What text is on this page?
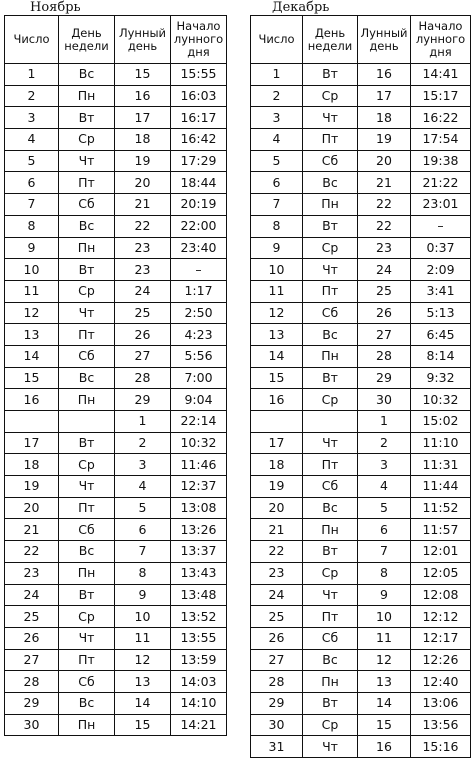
Ноябрь	Декабрь
Число	День недели	Лунный день	Начало лунного дня
1	Вс	15	15:55
2	Пн	16	16:03
3	Вт	17	16:17
4	Ср	18	16:42
5	Чт	19	17:29
6	Пт	20	18:44
7	Сб	21	20:19
8	Вс	22	22:00
9	Пн	23	23:40
10	Вт	23	–
11	Ср	24	1:17
12	Чт	25	2:50
13	Пт	26	4:23
14	Сб	27	5:56
15	Вс	28	7:00
16	Пн	29	9:04
		1	22:14
17	Вт	2	10:32
18	Ср	3	11:46
19	Чт	4	12:37
20	Пт	5	13:08
21	Сб	6	13:26
22	Вс	7	13:37
23	Пн	8	13:43
24	Вт	9	13:48
25	Ср	10	13:52
26	Чт	11	13:55
27	Пт	12	13:59
28	Сб	13	14:03
29	Вс	14	14:10
30	Пн	15	14:21
Число	День недели	Лунный день	Начало лунного дня
1	Вт	16	14:41
2	Ср	17	15:17
3	Чт	18	16:22
4	Пт	19	17:54
5	Сб	20	19:38
6	Вс	21	21:22
7	Пн	22	23:01
8	Вт	22	–
9	Ср	23	0:37
10	Чт	24	2:09
11	Пт	25	3:41
12	Сб	26	5:13
13	Вс	27	6:45
14	Пн	28	8:14
15	Вт	29	9:32
16	Ср	30	10:32
		1	15:02
17	Чт	2	11:10
18	Пт	3	11:31
19	Сб	4	11:44
20	Вс	5	11:52
21	Пн	6	11:57
22	Вт	7	12:01
23	Ср	8	12:05
24	Чт	9	12:08
25	Пт	10	12:12
26	Сб	11	12:17
27	Вс	12	12:26
28	Пн	13	12:40
29	Вт	14	13:06
30	Ср	15	13:56
31	Чт	16	15:16
